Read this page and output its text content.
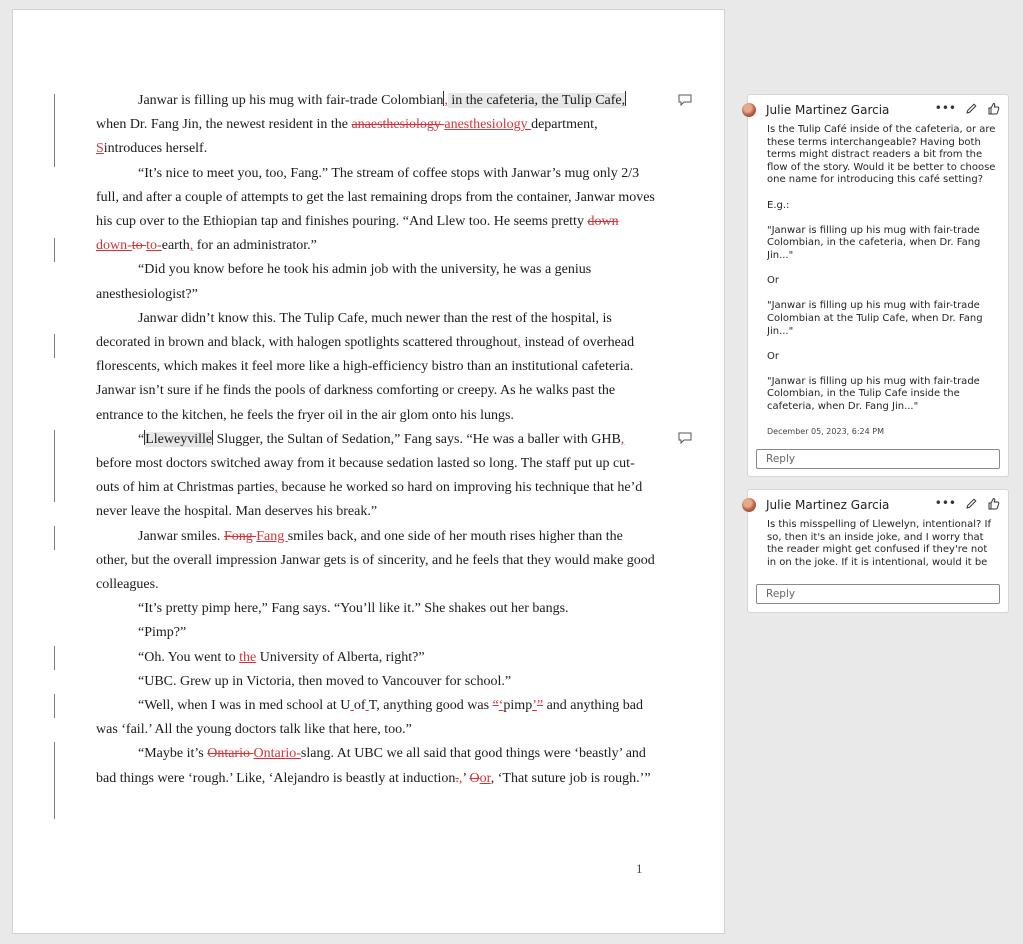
Janwar is filling up his mug with fair-trade Colombian, in the cafeteria, the Tulip Cafe, when Dr. Fang Jin, the newest resident in the anaesthesiology anesthesiology department, Sintroduces herself.

“It’s nice to meet you, too, Fang.” The stream of coffee stops with Janwar’s mug only 2/3 full, and after a couple of attempts to get the last remaining drops from the container, Janwar moves his cup over to the Ethiopian tap and finishes pouring. “And Llew too. He seems pretty down down-to to-earth, for an administrator.”

“Did you know before he took his admin job with the university, he was a genius anesthesiologist?”

Janwar didn’t know this. The Tulip Cafe, much newer than the rest of the hospital, is decorated in brown and black, with halogen spotlights scattered throughout, instead of overhead florescents, which makes it feel more like a high-efficiency bistro than an institutional cafeteria. Janwar isn’t sure if he finds the pools of darkness comforting or creepy. As he walks past the entrance to the kitchen, he feels the fryer oil in the air glom onto his lungs.

“Lleweyville Slugger, the Sultan of Sedation,” Fang says. “He was a baller with GHB, before most doctors switched away from it because sedation lasted so long. The staff put up cut-outs of him at Christmas parties, because he worked so hard on improving his technique that he’d never leave the hospital. Man deserves his break.”

Janwar smiles. Fong Fang smiles back, and one side of her mouth rises higher than the other, but the overall impression Janwar gets is of sincerity, and he feels that they would make good colleagues.

“It’s pretty pimp here,” Fang says. “You’ll like it.” She shakes out her bangs.

“Pimp?”

“Oh. You went to the University of Alberta, right?”

“UBC. Grew up in Victoria, then moved to Vancouver for school.”

“Well, when I was in med school at U of T, anything good was “‘pimp’” and anything bad was ‘fail.’ All the young doctors talk like that here, too.”

“Maybe it’s Ontario Ontario-slang. At UBC we all said that good things were ‘beastly’ and bad things were ‘rough.’ Like, ‘Alejandro is beastly at induction.,’ Oor, ‘That suture job is rough.’”

1
Julie Martinez Garcia	•••

Is the Tulip Café inside of the cafeteria, or are these terms interchangeable? Having both terms might distract readers a bit from the flow of the story. Would it be better to choose one name for introducing this café setting?

E.g.:

"Janwar is filling up his mug with fair-trade Colombian, in the cafeteria, when Dr. Fang Jin..."

Or

"Janwar is filling up his mug with fair-trade Colombian at the Tulip Cafe, when Dr. Fang Jin..."

Or

"Janwar is filling up his mug with fair-trade Colombian, in the Tulip Cafe inside the cafeteria, when Dr. Fang Jin..."

December 05, 2023, 6:24 PM
Reply
Julie Martinez Garcia	•••

Is this misspelling of Llewelyn, intentional? If so, then it's an inside joke, and I worry that the reader might get confused if they're not in on the joke. If it is intentional, would it be

Reply
